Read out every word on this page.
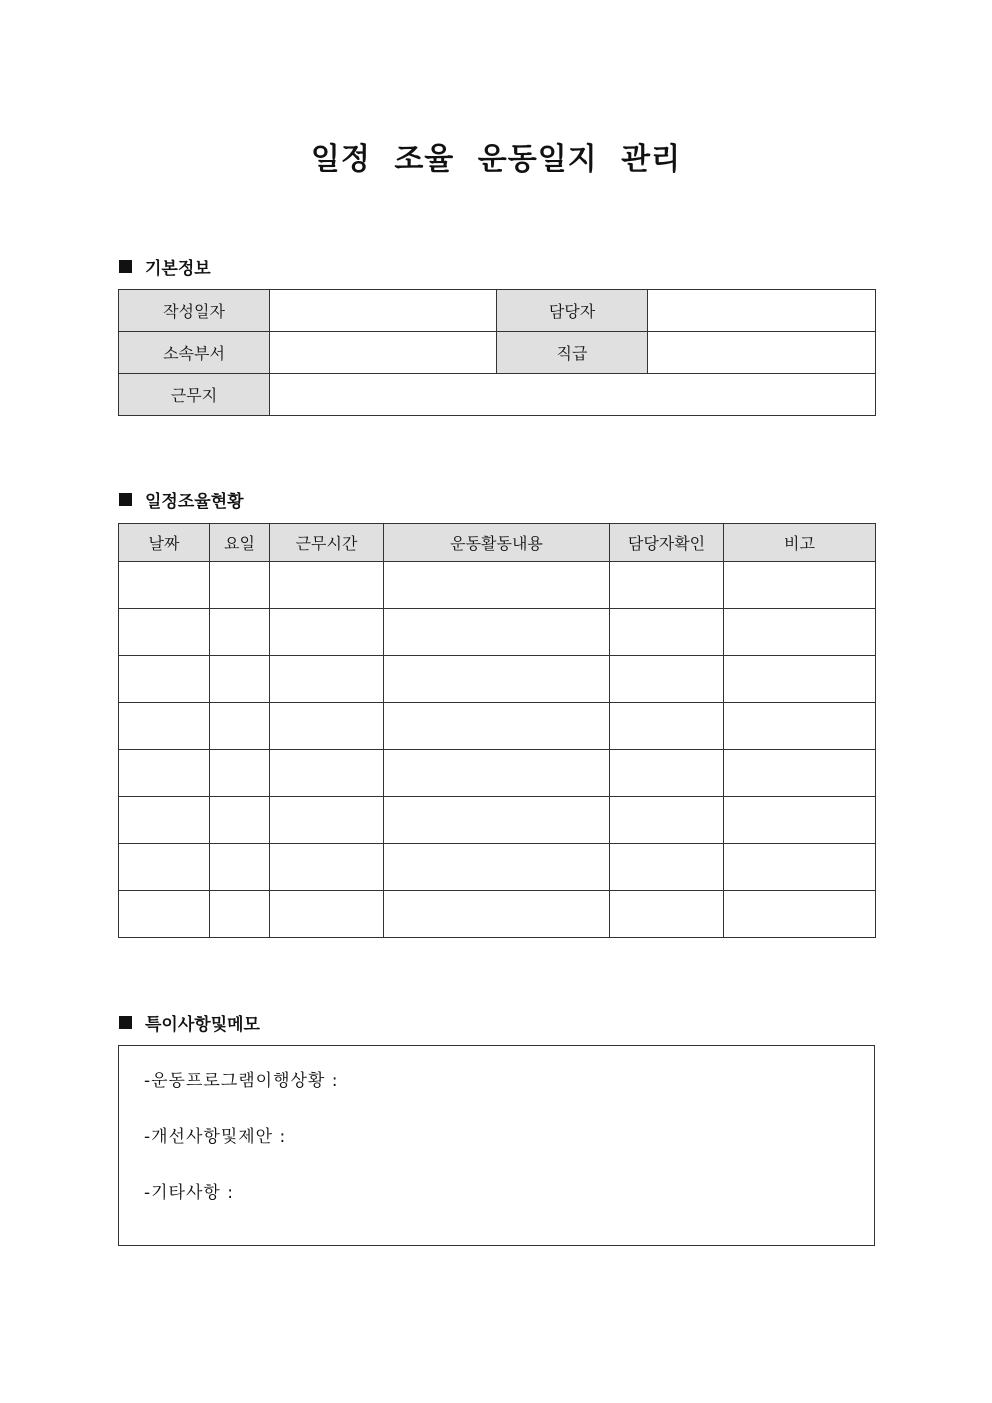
일정 조율 운동일지 관리
기본정보
작성일자		담당자	
소속부서		직급	
근무지			
일정조율현황
날짜	요일	근무시간	운동활동내용	담당자확인	비고

특이사항및메모
-운동프로그램이행상황 :
-개선사항및제안 :
-기타사항 :
